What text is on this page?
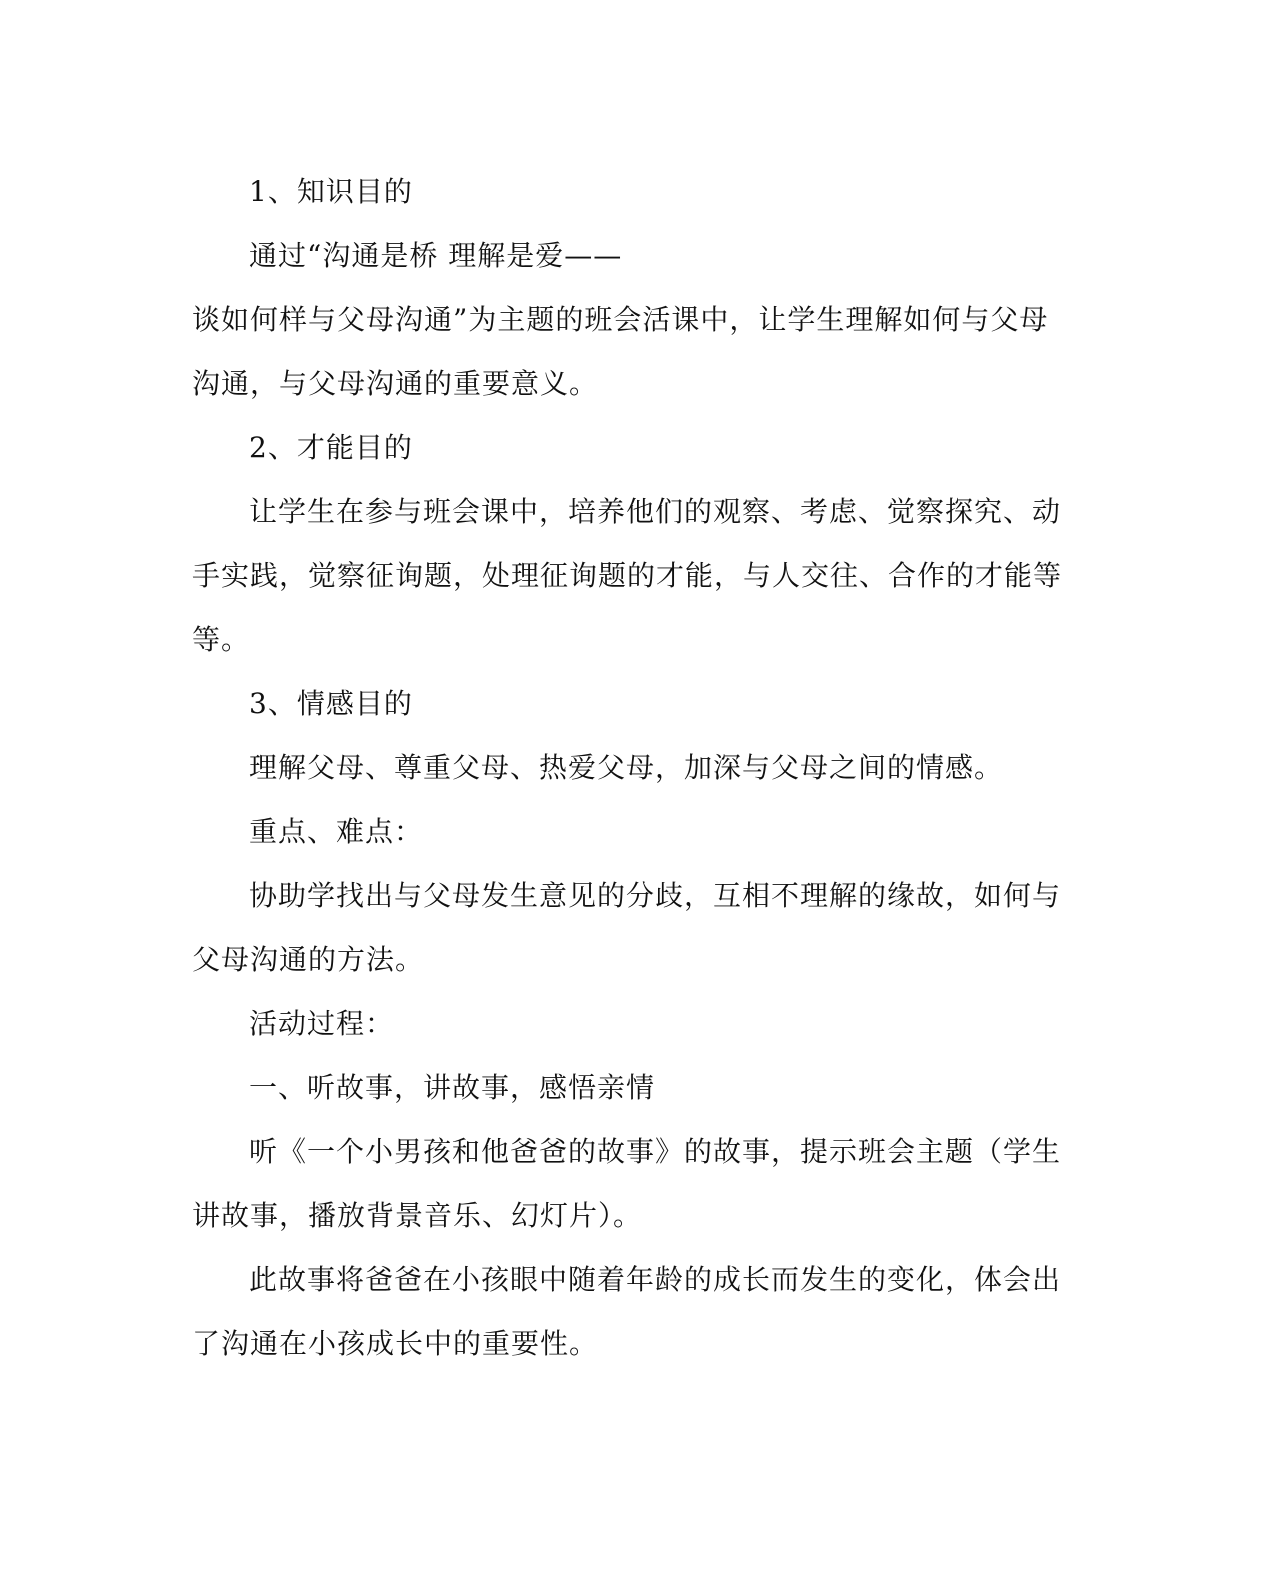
1、知识目的

通过“沟通是桥 理解是爱——

谈如何样与父母沟通”为主题的班会活课中，让学生理解如何与父母沟通，与父母沟通的重要意义。

2、才能目的

让学生在参与班会课中，培养他们的观察、考虑、觉察探究、动手实践，觉察征询题，处理征询题的才能，与人交往、合作的才能等等。

3、情感目的

理解父母、尊重父母、热爱父母，加深与父母之间的情感。

重点、难点：

协助学找出与父母发生意见的分歧，互相不理解的缘故，如何与父母沟通的方法。

活动过程：

一、听故事，讲故事，感悟亲情

听《一个小男孩和他爸爸的故事》的故事，提示班会主题（学生讲故事，播放背景音乐、幻灯片）。

此故事将爸爸在小孩眼中随着年龄的成长而发生的变化，体会出了沟通在小孩成长中的重要性。
